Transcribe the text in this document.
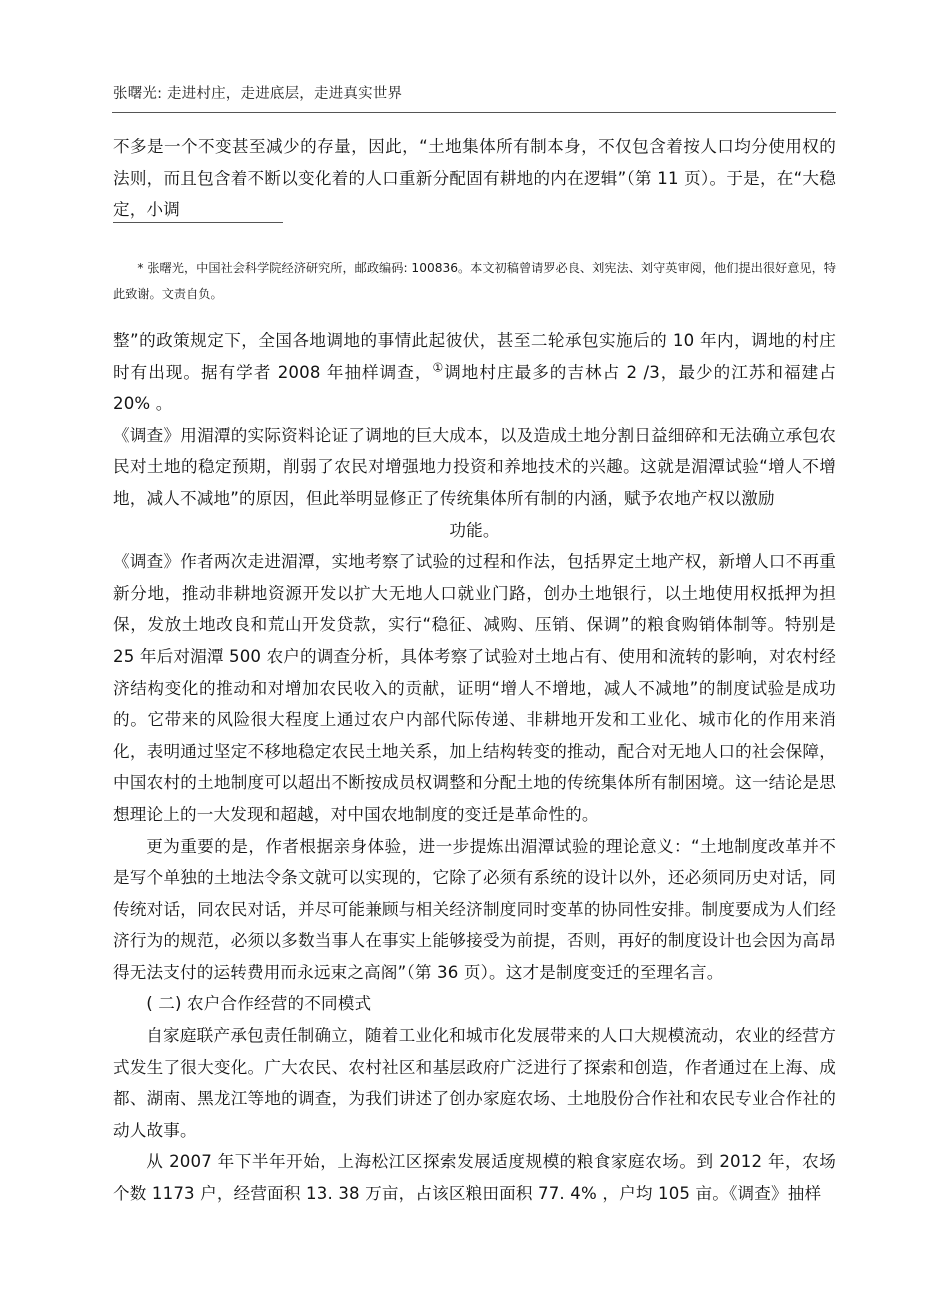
张曙光: 走进村庄，走进底层，走进真实世界

不多是一个不变甚至减少的存量，因此，“土地集体所有制本身，不仅包含着按人口均分使用权的法则，而且包含着不断以变化着的人口重新分配固有耕地的内在逻辑”（第 11 页）。于是，在“大稳定，小调

* 张曙光，中国社会科学院经济研究所，邮政编码: 100836。本文初稿曾请罗必良、刘宪法、刘守英审阅，他们提出很好意见，特此致谢。文责自负。

整”的政策规定下，全国各地调地的事情此起彼伏，甚至二轮承包实施后的 10 年内，调地的村庄时有出现。据有学者 2008 年抽样调查，①调地村庄最多的吉林占 2 /3，最少的江苏和福建占 20% 。

《调查》用湄潭的实际资料论证了调地的巨大成本，以及造成土地分割日益细碎和无法确立承包农民对土地的稳定预期，削弱了农民对增强地力投资和养地技术的兴趣。这就是湄潭试验“增人不增地，减人不减地”的原因，但此举明显修正了传统集体所有制的内涵，赋予农地产权以激励

功能。

《调查》作者两次走进湄潭，实地考察了试验的过程和作法，包括界定土地产权，新增人口不再重新分地，推动非耕地资源开发以扩大无地人口就业门路，创办土地银行，以土地使用权抵押为担保，发放土地改良和荒山开发贷款，实行“稳征、减购、压销、保调”的粮食购销体制等。特别是 25 年后对湄潭 500 农户的调查分析，具体考察了试验对土地占有、使用和流转的影响，对农村经济结构变化的推动和对增加农民收入的贡献，证明“增人不增地，减人不减地”的制度试验是成功的。它带来的风险很大程度上通过农户内部代际传递、非耕地开发和工业化、城市化的作用来消化，表明通过坚定不移地稳定农民土地关系，加上结构转变的推动，配合对无地人口的社会保障，中国农村的土地制度可以超出不断按成员权调整和分配土地的传统集体所有制困境。这一结论是思想理论上的一大发现和超越，对中国农地制度的变迁是革命性的。

更为重要的是，作者根据亲身体验，进一步提炼出湄潭试验的理论意义：“土地制度改革并不是写个单独的土地法令条文就可以实现的，它除了必须有系统的设计以外，还必须同历史对话，同传统对话，同农民对话，并尽可能兼顾与相关经济制度同时变革的协同性安排。制度要成为人们经济行为的规范，必须以多数当事人在事实上能够接受为前提，否则，再好的制度设计也会因为高昂得无法支付的运转费用而永远束之高阁”（第 36 页）。这才是制度变迁的至理名言。

( 二) 农户合作经营的不同模式

自家庭联产承包责任制确立，随着工业化和城市化发展带来的人口大规模流动，农业的经营方式发生了很大变化。广大农民、农村社区和基层政府广泛进行了探索和创造，作者通过在上海、成都、湖南、黑龙江等地的调查，为我们讲述了创办家庭农场、土地股份合作社和农民专业合作社的动人故事。

从 2007 年下半年开始，上海松江区探索发展适度规模的粮食家庭农场。到 2012 年，农场个数 1173 户，经营面积 13. 38 万亩，占该区粮田面积 77. 4% ，户均 105 亩。《调查》抽样
